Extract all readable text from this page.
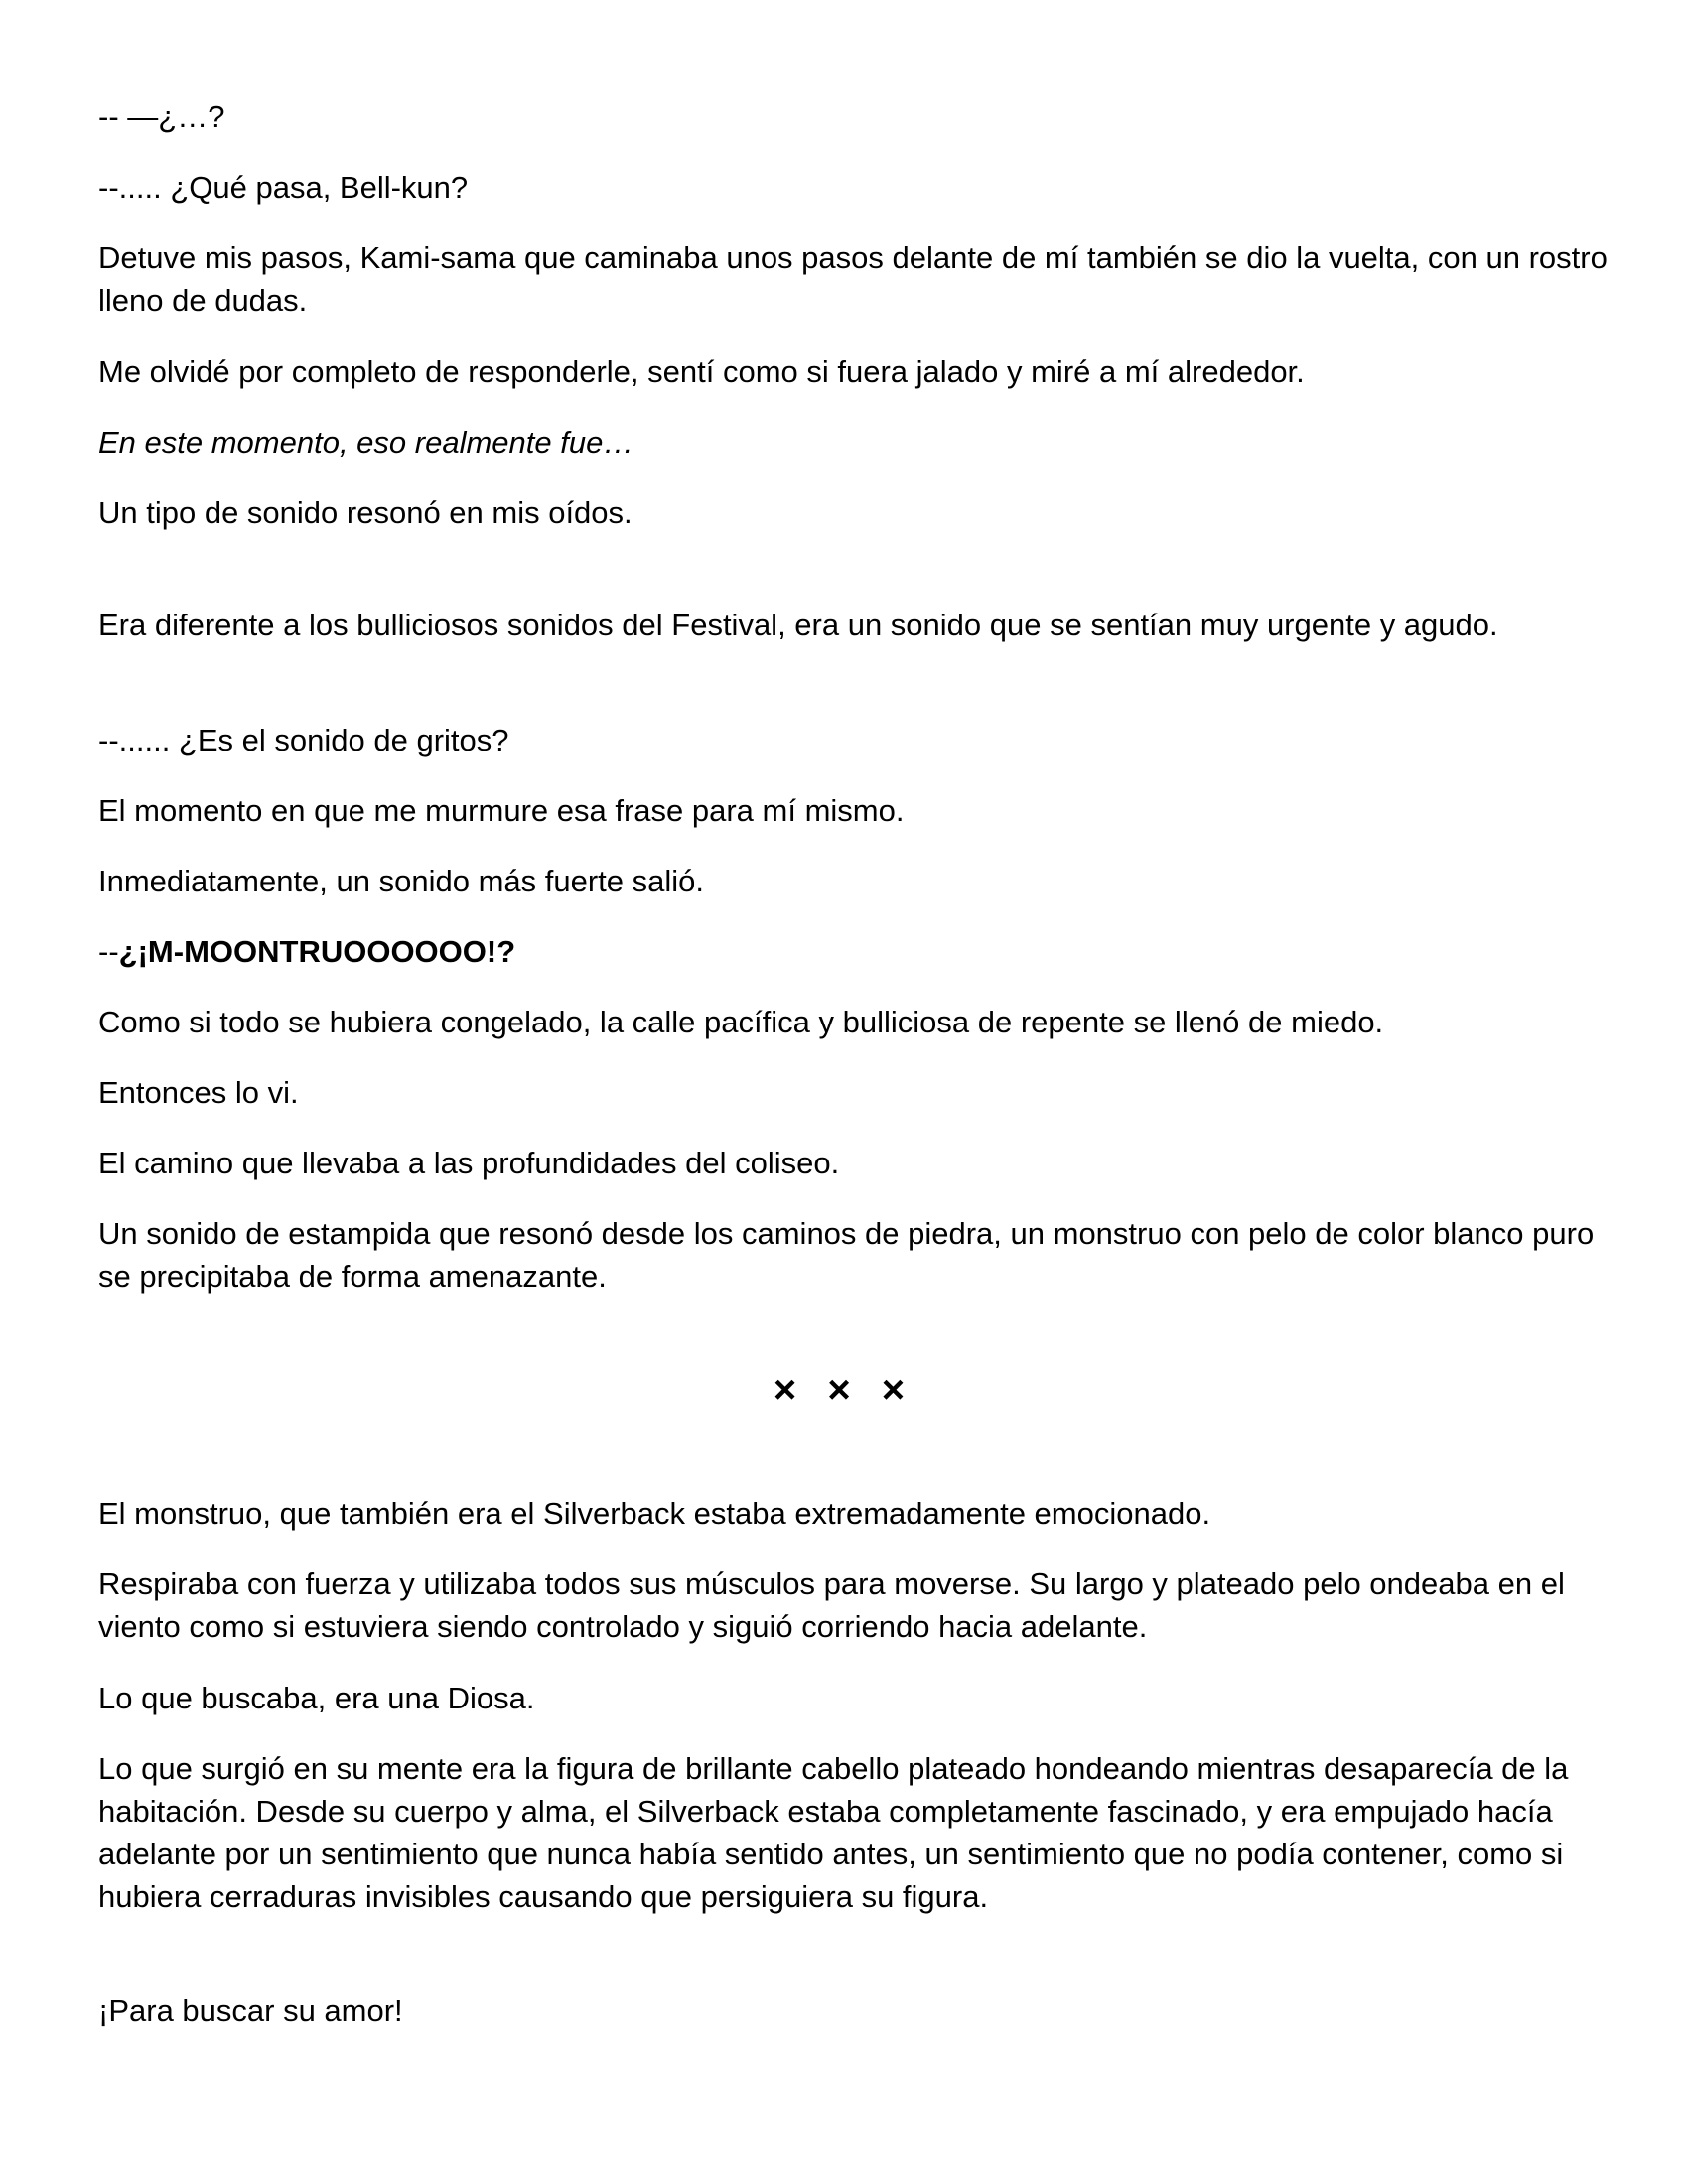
-- —¿…?

--..... ¿Qué pasa, Bell-kun?

Detuve mis pasos, Kami-sama que caminaba unos pasos delante de mí también se dio la vuelta, con un rostro lleno de dudas.

Me olvidé por completo de responderle, sentí como si fuera jalado y miré a mí alrededor.

En este momento, eso realmente fue…

Un tipo de sonido resonó en mis oídos.

Era diferente a los bulliciosos sonidos del Festival, era un sonido que se sentían muy urgente y agudo.

--...... ¿Es el sonido de gritos?

El momento en que me murmure esa frase para mí mismo.

Inmediatamente, un sonido más fuerte salió.

--¿¡M-MOONTRUOOOOOO!?

Como si todo se hubiera congelado, la calle pacífica y bulliciosa de repente se llenó de miedo.

Entonces lo vi.

El camino que llevaba a las profundidades del coliseo.

Un sonido de estampida que resonó desde los caminos de piedra, un monstruo con pelo de color blanco puro se precipitaba de forma amenazante.

× × ×

El monstruo, que también era el Silverback estaba extremadamente emocionado.

Respiraba con fuerza y utilizaba todos sus músculos para moverse. Su largo y plateado pelo ondeaba en el viento como si estuviera siendo controlado y siguió corriendo hacia adelante.

Lo que buscaba, era una Diosa.

Lo que surgió en su mente era la figura de brillante cabello plateado hondeando mientras desaparecía de la habitación. Desde su cuerpo y alma, el Silverback estaba completamente fascinado, y era empujado hacía adelante por un sentimiento que nunca había sentido antes, un sentimiento que no podía contener, como si hubiera cerraduras invisibles causando que persiguiera su figura.

¡Para buscar su amor!
